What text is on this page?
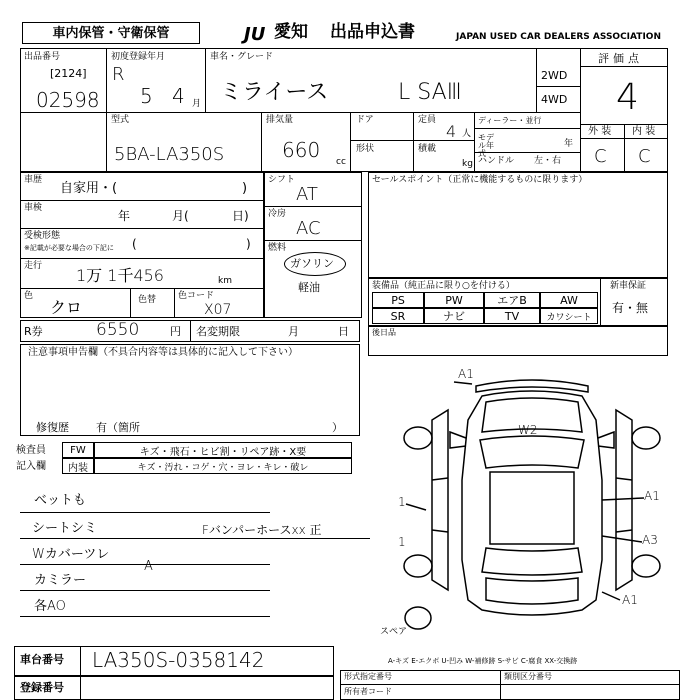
車内保管・守衛保管	JU 愛知 出品申込書	JAPAN USED CAR DEALERS ASSOCIATION
出品番号
[2124]
02598
初度登録年月
R
5 4 月
車名・グレード
ミライース	L SAⅢ
2WD
4WD
評価点
4
型式
5BA-LA350S
排気量
660 cc
ドア	定員
4 人
形状	積載
kg
ディーラー・並行
モデル年式
年
ハンドル 左・右
外 装 内 装
C C
車歴
自家用・(	)
車検
年	月(	日)
受検形態
※記載が必要な場合の下記に (	)
走行 1万 1千456	km
色
クロ	色替 色コード
X07
シフト
AT
冷房
AC
燃料
ガソリン
軽油
セールスポイント（正常に機能するものに限ります）
装備品（純正品に限り○を付ける）	新車保証
有・無
PS	PW	エアB	AW
SR	ナビ	TV	カワシート
後日品
R券	6550	円 名変期限	月	日
注意事項申告欄（不具合内容等は具体的に記入して下さい）
修復歴 有（箇所	）
検査員
記入欄
FW	キズ・飛石・ヒビ割・リペア跡・X要
内装	キズ・汚れ・コゲ・穴・ヨレ・キレ・破レ
ベットも
シートシミ
Wカバーツレ
A
カミラー
各AO
Fバンパーホースxx 正
W2
A1
A1
A3
A1
1
1
スペア
A-キズ E-エクボ U-凹み W-補修跡 S-サビ C-腐食 XX-交換跡
車台番号 LA350S-0358142
登録番号
形式指定番号	類別区分番号
所有者コード
